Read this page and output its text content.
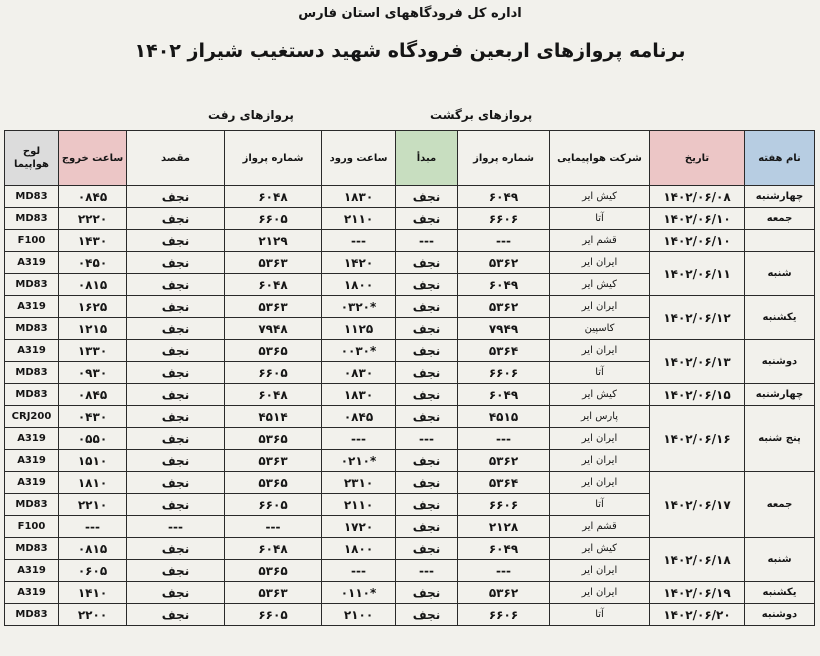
اداره کل فرودگاههای استان فارس
برنامه پروازهای اربعین فرودگاه شهید دستغیب شیراز ۱۴۰۲
پروازهای برگشت
پروازهای رفت
نام هفته	تاریخ	شرکت هواپیمایی	شماره پرواز	مبدأ	ساعت ورود	شماره پرواز	مقصد	ساعت خروج	لوح هواپیما
چهارشنبه	۱۴۰۲/۰۶/۰۸	کیش ایر	۶۰۴۹	نجف	۱۸۳۰	۶۰۴۸	نجف	۰۸۴۵	MD83
جمعه	۱۴۰۲/۰۶/۱۰	آتا	۶۶۰۶	نجف	۲۱۱۰	۶۶۰۵	نجف	۲۲۲۰	MD83
	۱۴۰۲/۰۶/۱۰	قشم ایر	---	---	---	۲۱۲۹	نجف	۱۴۳۰	F100
شنبه	۱۴۰۲/۰۶/۱۱	ایران ایر	۵۳۶۲	نجف	۱۴۲۰	۵۳۶۳	نجف	۰۴۵۰	A319
		کیش ایر	۶۰۴۹	نجف	۱۸۰۰	۶۰۴۸	نجف	۰۸۱۵	MD83
یکشنبه	۱۴۰۲/۰۶/۱۲	ایران ایر	۵۳۶۲	نجف	*۰۳۲۰	۵۳۶۳	نجف	۱۶۲۵	A319
		کاسپین	۷۹۴۹	نجف	۱۱۲۵	۷۹۴۸	نجف	۱۲۱۵	MD83
دوشنبه	۱۴۰۲/۰۶/۱۳	ایران ایر	۵۳۶۴	نجف	*۰۰۳۰	۵۳۶۵	نجف	۱۳۳۰	A319
		آتا	۶۶۰۶	نجف	۰۸۳۰	۶۶۰۵	نجف	۰۹۳۰	MD83
چهارشنبه	۱۴۰۲/۰۶/۱۵	کیش ایر	۶۰۴۹	نجف	۱۸۳۰	۶۰۴۸	نجف	۰۸۴۵	MD83
پنج شنبه	۱۴۰۲/۰۶/۱۶	پارس ایر	۴۵۱۵	نجف	۰۸۴۵	۴۵۱۴	نجف	۰۴۳۰	CRJ200
		ایران ایر	---	---	---	۵۳۶۵	نجف	۰۵۵۰	A319
		ایران ایر	۵۳۶۲	نجف	*۰۲۱۰	۵۳۶۳	نجف	۱۵۱۰	A319
جمعه	۱۴۰۲/۰۶/۱۷	ایران ایر	۵۳۶۴	نجف	۲۳۱۰	۵۳۶۵	نجف	۱۸۱۰	A319
		آتا	۶۶۰۶	نجف	۲۱۱۰	۶۶۰۵	نجف	۲۲۱۰	MD83
		قشم ایر	۲۱۲۸	نجف	۱۷۲۰	---	---	---	F100
شنبه	۱۴۰۲/۰۶/۱۸	کیش ایر	۶۰۴۹	نجف	۱۸۰۰	۶۰۴۸	نجف	۰۸۱۵	MD83
		ایران ایر	---	---	---	۵۳۶۵	نجف	۰۶۰۵	A319
یکشنبه	۱۴۰۲/۰۶/۱۹	ایران ایر	۵۳۶۲	نجف	*۰۱۱۰	۵۳۶۳	نجف	۱۴۱۰	A319
دوشنبه	۱۴۰۲/۰۶/۲۰	آتا	۶۶۰۶	نجف	۲۱۰۰	۶۶۰۵	نجف	۲۲۰۰	MD83
